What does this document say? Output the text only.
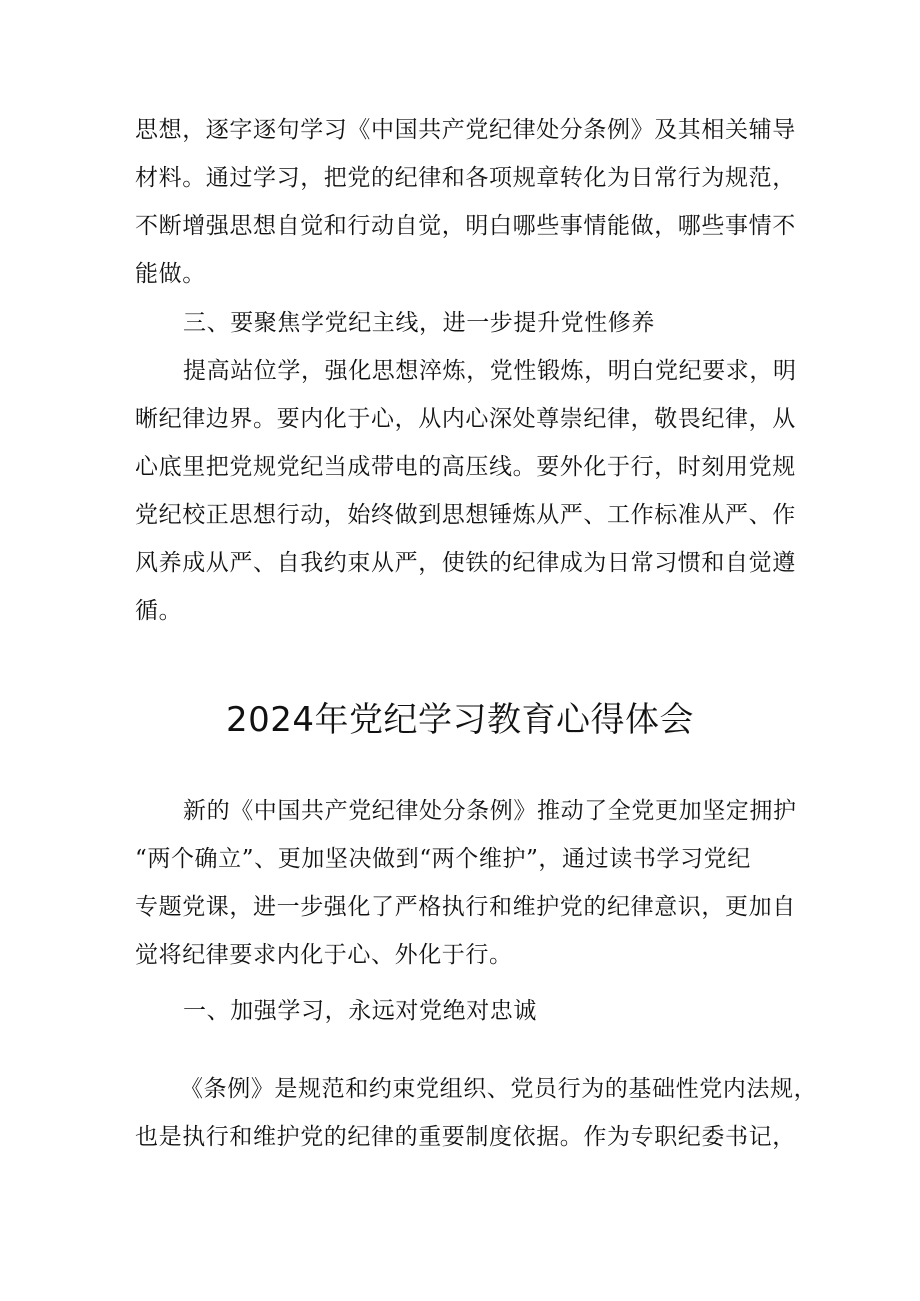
思想，逐字逐句学习《中国共产党纪律处分条例》及其相关辅导
材料。通过学习，把党的纪律和各项规章转化为日常行为规范，
不断增强思想自觉和行动自觉，明白哪些事情能做，哪些事情不
能做。
三、要聚焦学党纪主线，进一步提升党性修养
提高站位学，强化思想淬炼，党性锻炼，明白党纪要求，明
晰纪律边界。要内化于心，从内心深处尊崇纪律，敬畏纪律，从
心底里把党规党纪当成带电的高压线。要外化于行，时刻用党规
党纪校正思想行动，始终做到思想锤炼从严、工作标准从严、作
风养成从严、自我约束从严，使铁的纪律成为日常习惯和自觉遵
循。
2024年党纪学习教育心得体会
新的《中国共产党纪律处分条例》推动了全党更加坚定拥护
“两个确立”、更加坚决做到“两个维护”，通过读书学习党纪
专题党课，进一步强化了严格执行和维护党的纪律意识，更加自
觉将纪律要求内化于心、外化于行。
一、加强学习，永远对党绝对忠诚
《条例》是规范和约束党组织、党员行为的基础性党内法规，
也是执行和维护党的纪律的重要制度依据。作为专职纪委书记，
